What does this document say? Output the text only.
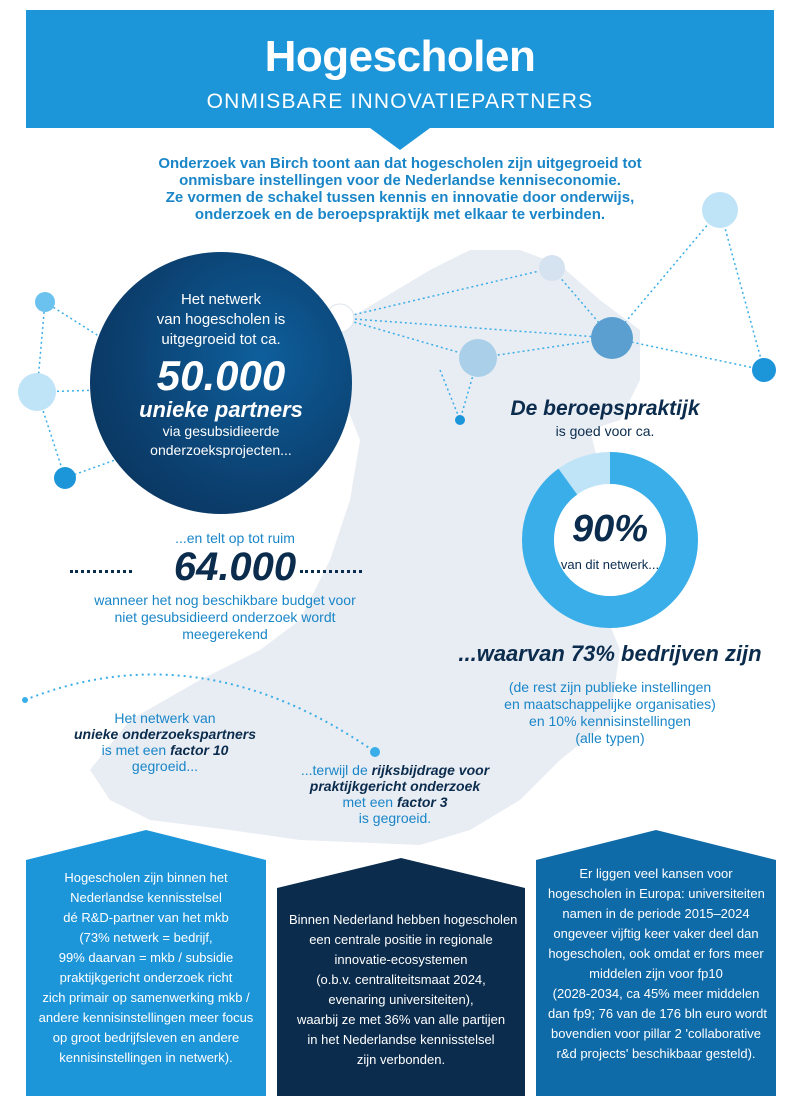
Hogescholen
ONMISBARE INNOVATIEPARTNERS
Onderzoek van Birch toont aan dat hogescholen zijn uitgegroeid tot
onmisbare instellingen voor de Nederlandse kenniseconomie.
Ze vormen de schakel tussen kennis en innovatie door onderwijs,
onderzoek en de beroepspraktijk met elkaar te verbinden.
Het netwerk
van hogescholen is
uitgegroeid tot ca.
50.000
unieke partners
via gesubsidieerde
onderzoeksprojecten...
...en telt op tot ruim
64.000
wanneer het nog beschikbare budget voor
niet gesubsidieerd onderzoek wordt
meegerekend
De beroepspraktijk
is goed voor ca.
90%
van dit netwerk...
...waarvan 73% bedrijven zijn
(de rest zijn publieke instellingen
en maatschappelijke organisaties)
en 10% kennisinstellingen
(alle typen)
Het netwerk van
unieke onderzoekspartners
is met een factor 10
gegroeid...	...terwijl de rijksbijdrage voor
praktijkgericht onderzoek
met een factor 3
is gegroeid.
Hogescholen zijn binnen het
Nederlandse kennisstelsel
dé R&D-partner van het mkb
(73% netwerk = bedrijf,
99% daarvan = mkb / subsidie
praktijkgericht onderzoek richt
zich primair op samenwerking mkb /
andere kennisinstellingen meer focus
op groot bedrijfsleven en andere
kennisinstellingen in netwerk).
Binnen Nederland hebben hogescholen
een centrale positie in regionale
innovatie-ecosystemen
(o.b.v. centraliteitsmaat 2024,
evenaring universiteiten),
waarbij ze met 36% van alle partijen
in het Nederlandse kennisstelsel
zijn verbonden.
Er liggen veel kansen voor
hogescholen in Europa: universiteiten
namen in de periode 2015–2024
ongeveer vijftig keer vaker deel dan
hogescholen, ook omdat er fors meer
middelen zijn voor fp10
(2028-2034, ca 45% meer middelen
dan fp9; 76 van de 176 bln euro wordt
bovendien voor pillar 2 'collaborative
r&d projects' beschikbaar gesteld).
